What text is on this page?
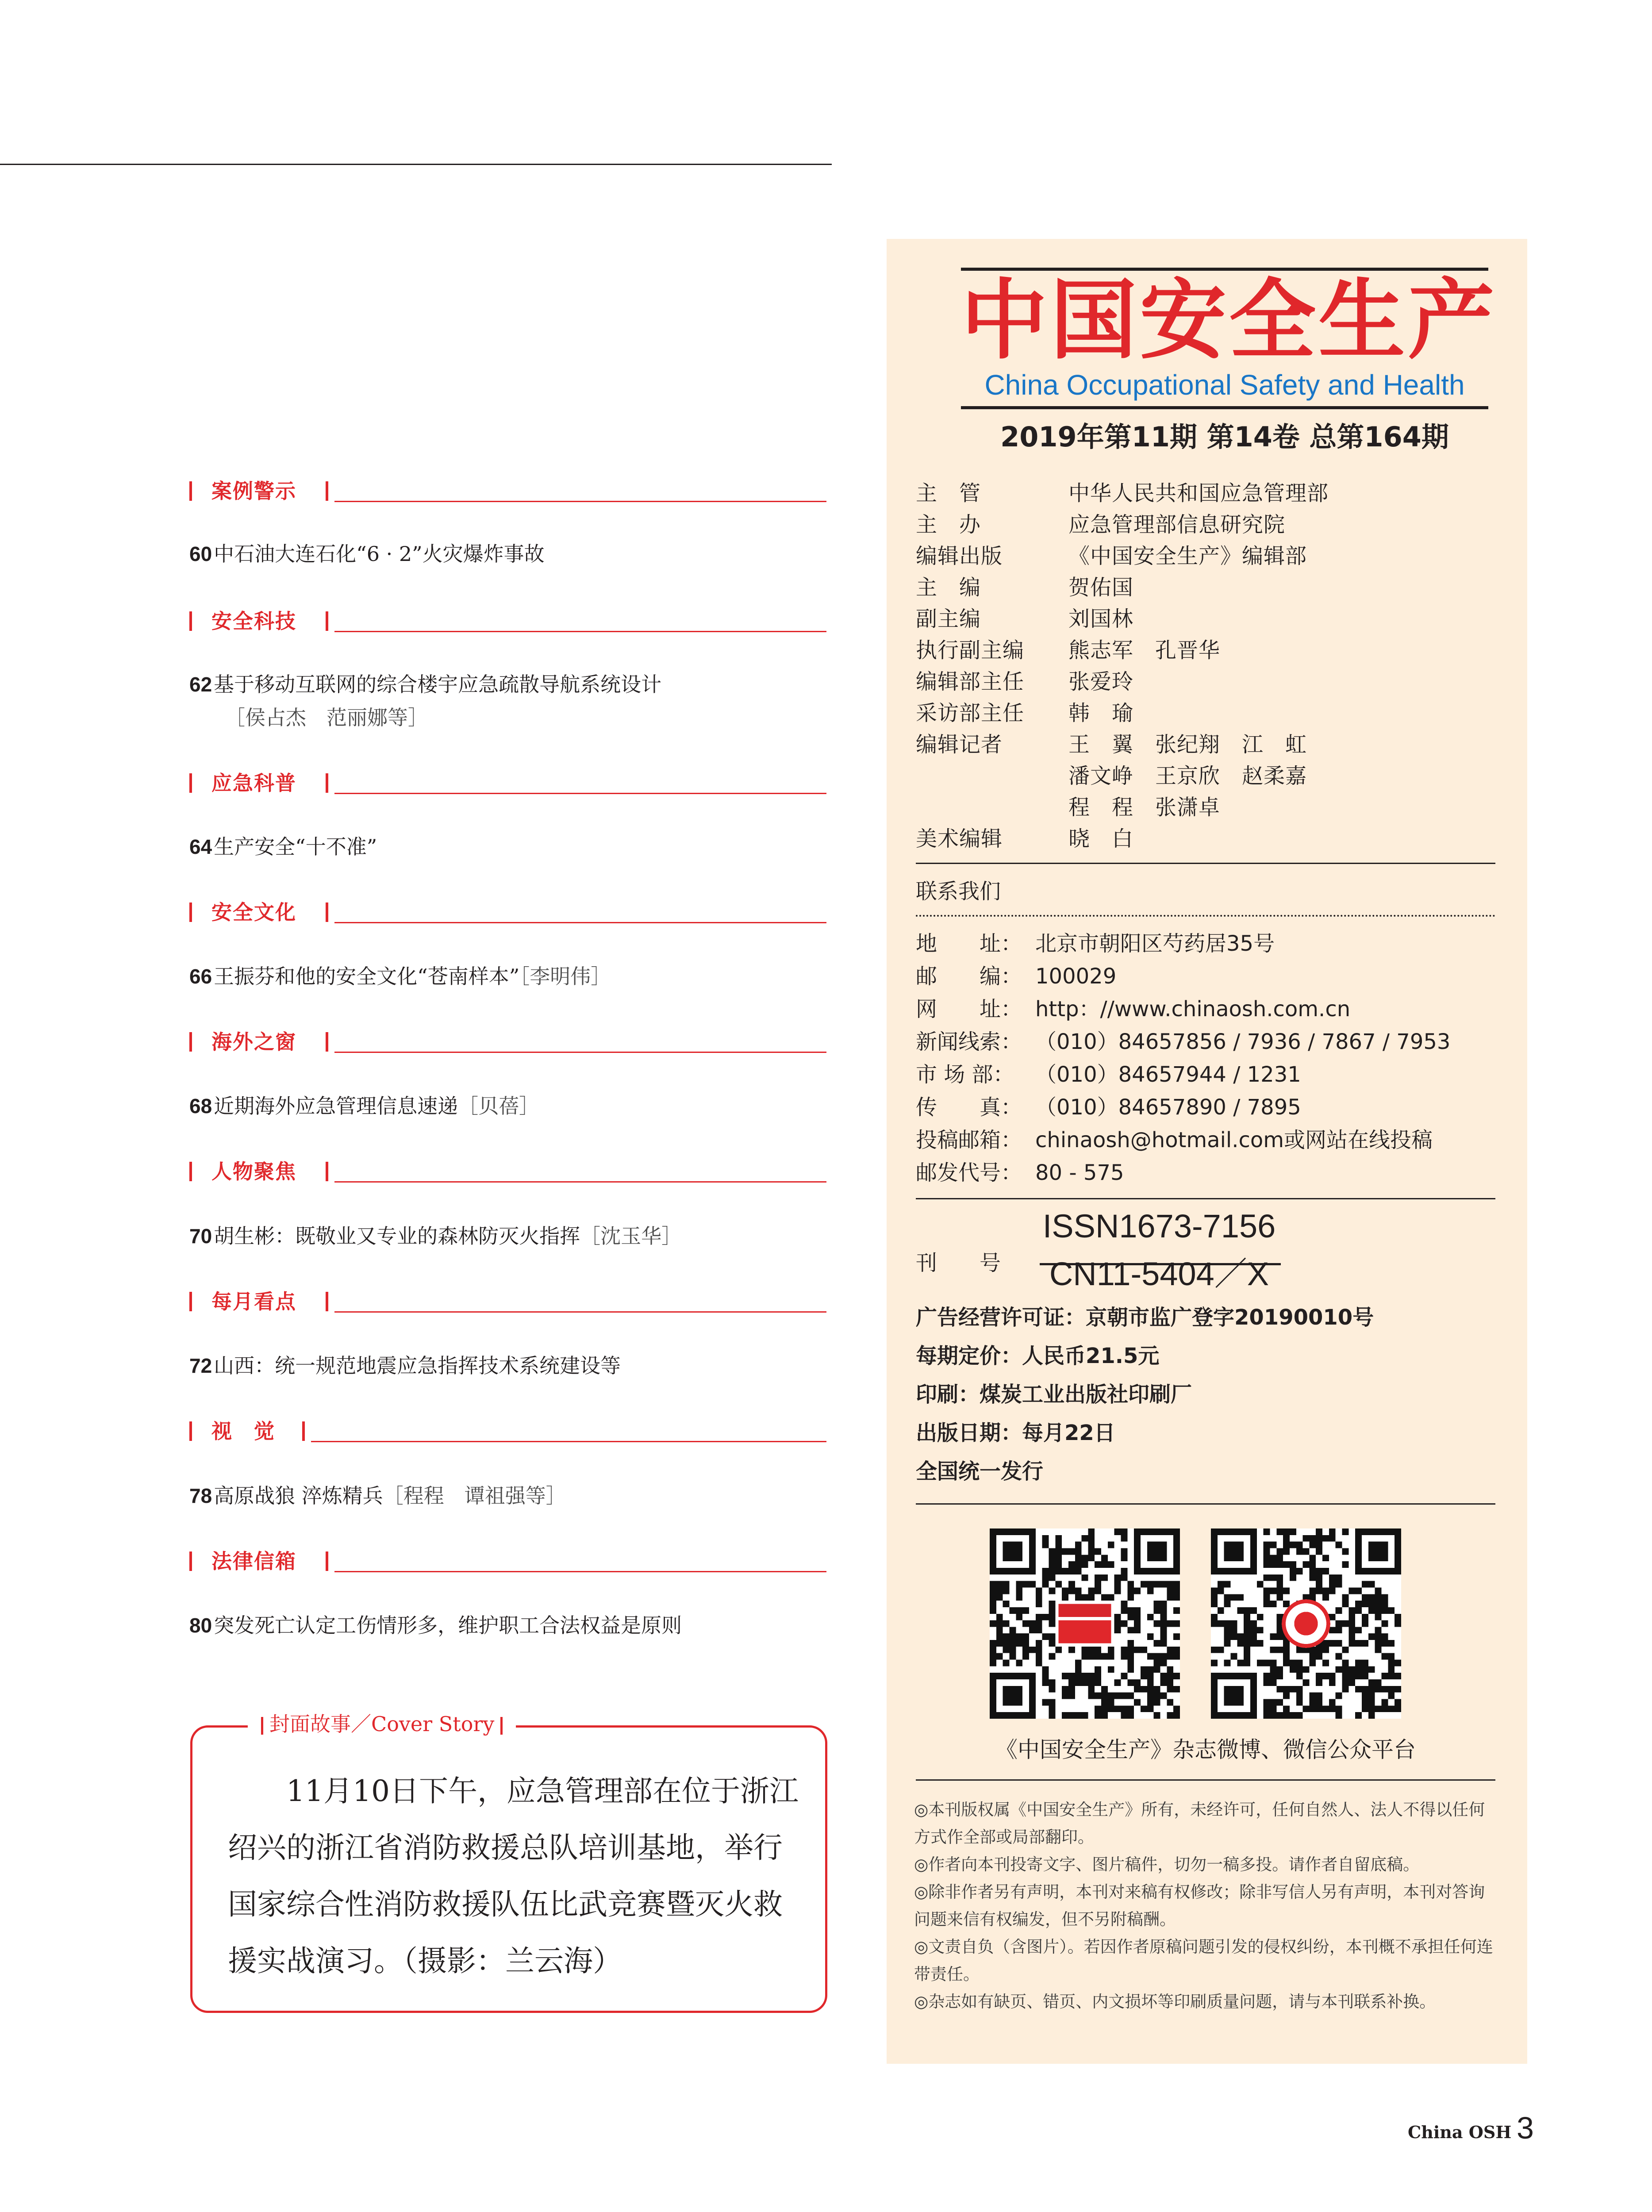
案例警示
60中石油大连石化“6 · 2”火灾爆炸事故
安全科技
62基于移动互联网的综合楼宇应急疏散导航系统设计
［侯占杰　范丽娜等］
应急科普
64生产安全“十不准”
安全文化
66王振芬和他的安全文化“苍南样本”［李明伟］
海外之窗
68近期海外应急管理信息速递［贝蓓］
人物聚焦
70胡生彬：既敬业又专业的森林防灭火指挥［沈玉华］
每月看点
72山西：统一规范地震应急指挥技术系统建设等
视　觉
78高原战狼 淬炼精兵［程程　谭祖强等］
法律信箱
80突发死亡认定工伤情形多，维护职工合法权益是原则
封面故事／Cover Story
11月10日下午，应急管理部在位于浙江绍兴的浙江省消防救援总队培训基地，举行国家综合性消防救援队伍比武竞赛暨灭火救援实战演习。（摄影：兰云海）
中国安全生产
China Occupational Safety and Health
2019年第11期 第14卷 总第164期
主　管	中华人民共和国应急管理部
主　办	应急管理部信息研究院
编辑出版	《中国安全生产》编辑部
主　编	贺佑国
副主编	刘国林
执行副主编 熊志军　孔晋华
编辑部主任 张爱玲
采访部主任 韩　瑜
编辑记者	王　翼　张纪翔　江　虹
潘文峥　王京欣　赵柔嘉
程　程　张潇卓
美术编辑	晓　白
联系我们
地　　址： 北京市朝阳区芍药居35号
邮　　编： 100029
网　　址： http：//www.chinaosh.com.cn
新闻线索： （010）84657856 / 7936 / 7867 / 7953
市 场 部： （010）84657944 / 1231
传　　真： （010）84657890 / 7895
投稿邮箱： chinaosh@hotmail.com或网站在线投稿
邮发代号： 80 - 575
刊　　号
ISSN1673-7156
CN11-5404／X
广告经营许可证：京朝市监广登字20190010号
每期定价：人民币21.5元
印刷：煤炭工业出版社印刷厂
出版日期：每月22日
全国统一发行
《中国安全生产》杂志微博、微信公众平台

◎本刊版权属《中国安全生产》所有，未经许可，任何自然人、法人不得以任何方式作全部或局部翻印。

◎作者向本刊投寄文字、图片稿件，切勿一稿多投。请作者自留底稿。

◎除非作者另有声明，本刊对来稿有权修改；除非写信人另有声明，本刊对答询问题来信有权编发，但不另附稿酬。

◎文责自负（含图片）。若因作者原稿问题引发的侵权纠纷，本刊概不承担任何连带责任。

◎杂志如有缺页、错页、内文损坏等印刷质量问题，请与本刊联系补换。

China OSH 3
